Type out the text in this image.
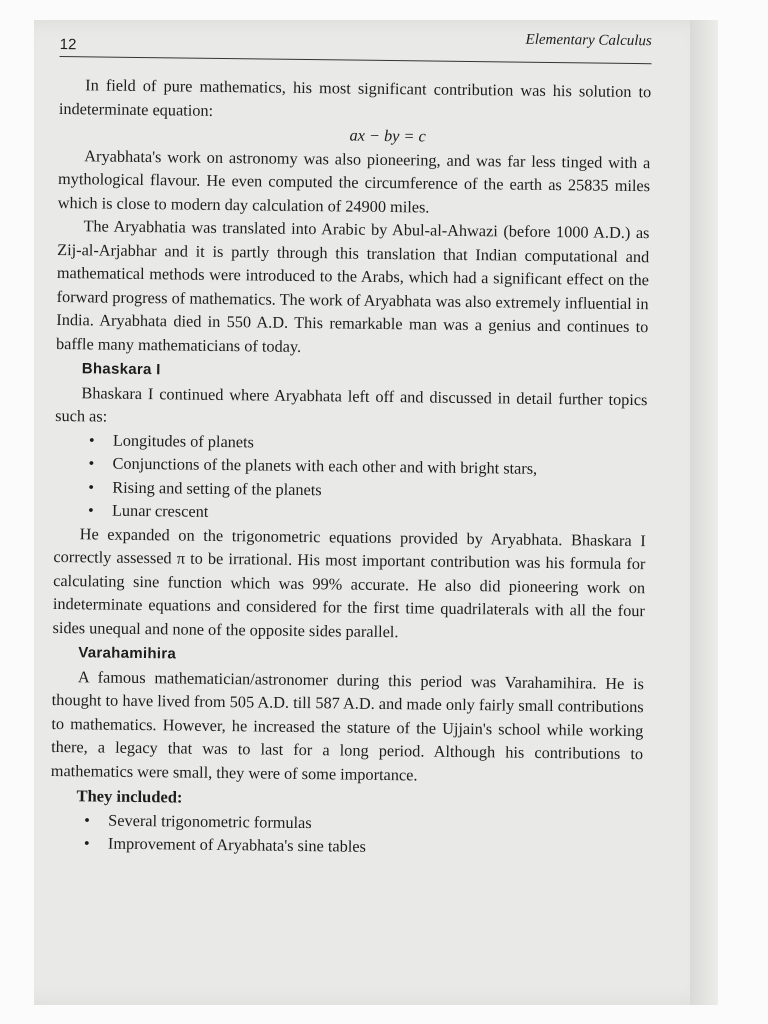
12	Elementary Calculus

In field of pure mathematics, his most significant contribution was his solution to indeterminate equation:

ax − by = c

Aryabhata's work on astronomy was also pioneering, and was far less tinged with a mythological flavour. He even computed the circumference of the earth as 25835 miles which is close to modern day calculation of 24900 miles.

The Aryabhatia was translated into Arabic by Abul-al-Ahwazi (before 1000 A.D.) as Zij-al-Arjabhar and it is partly through this translation that Indian computational and mathematical methods were introduced to the Arabs, which had a significant effect on the forward progress of mathematics. The work of Aryabhata was also extremely influential in India. Aryabhata died in 550 A.D. This remarkable man was a genius and continues to baffle many mathematicians of today.

Bhaskara I

Bhaskara I continued where Aryabhata left off and discussed in detail further topics such as:

• Longitudes of planets
• Conjunctions of the planets with each other and with bright stars,
• Rising and setting of the planets
• Lunar crescent

He expanded on the trigonometric equations provided by Aryabhata. Bhaskara I correctly assessed π to be irrational. His most important contribution was his formula for calculating sine function which was 99% accurate. He also did pioneering work on indeterminate equations and considered for the first time quadrilaterals with all the four sides unequal and none of the opposite sides parallel.

Varahamihira

A famous mathematician/astronomer during this period was Varahamihira. He is thought to have lived from 505 A.D. till 587 A.D. and made only fairly small contributions to mathematics. However, he increased the stature of the Ujjain's school while working there, a legacy that was to last for a long period. Although his contributions to mathematics were small, they were of some importance.

They included:
• Several trigonometric formulas
• Improvement of Aryabhata's sine tables
